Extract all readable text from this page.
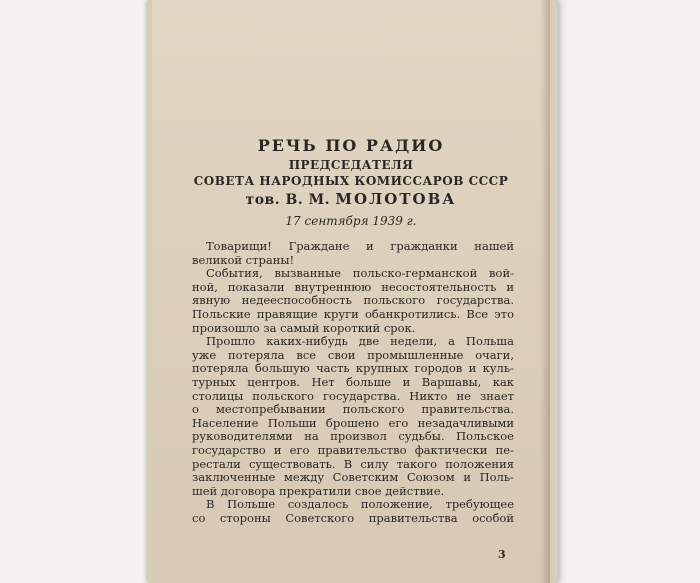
РЕЧЬ ПО РАДИО
ПРЕДСЕДАТЕЛЯ
СОВЕТА НАРОДНЫХ КОМИССАРОВ СССР
тов. В. М. МОЛОТОВА
17 сентября 1939 г.
Товарищи! Граждане и гражданки нашей
великой страны!
События, вызванные польско-германской вой-
ной, показали внутреннюю несостоятельность и
явную недееспособность польского государства.
Польские правящие круги обанкротились. Все это
произошло за самый короткий срок.
Прошло каких-нибудь две недели, а Польша
уже потеряла все свои промышленные очаги,
потеряла большую часть крупных городов и куль-
турных центров. Нет больше и Варшавы, как
столицы польского государства. Никто не знает
о местопребывании польского правительства.
Население Польши брошено его незадачливыми
руководителями на произвол судьбы. Польское
государство и его правительство фактически пе-
рестали существовать. В силу такого положения
заключенные между Советским Союзом и Поль-
шей договора прекратили свое действие.
В Польше создалось положение, требующее
со стороны Советского правительства особой
3
